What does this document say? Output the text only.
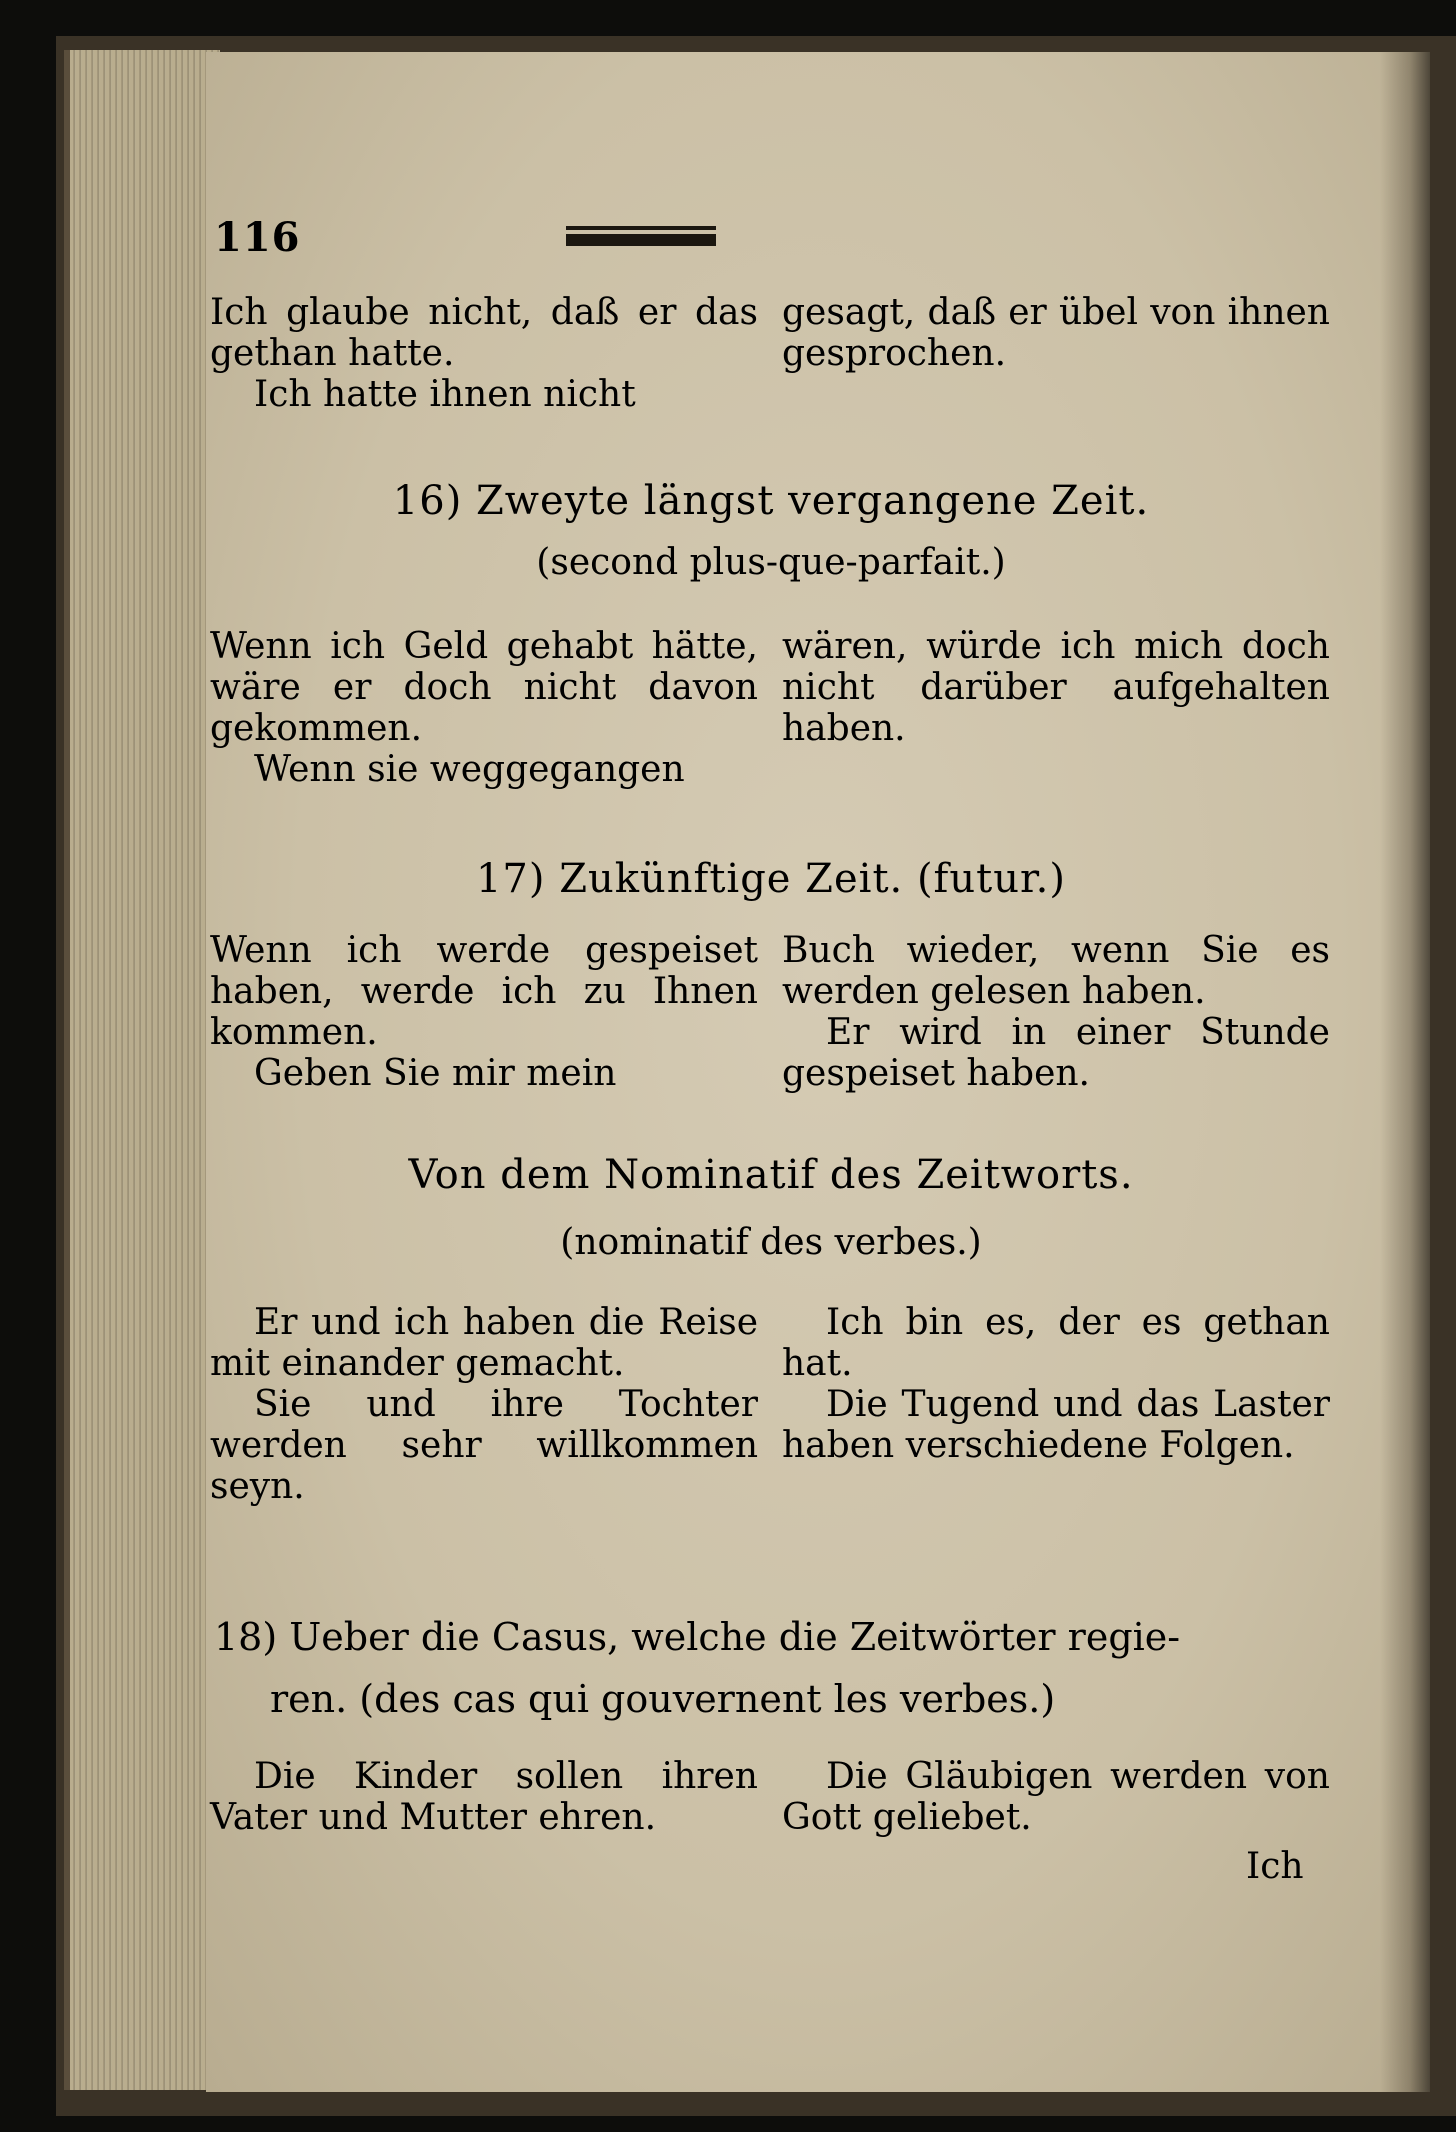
116

Ich glaube nicht, daß er das gethan hatte.

Ich hatte ihnen nicht

gesagt, daß er übel von ihnen gesprochen.

16) Zweyte längst vergangene Zeit.
(second plus-que-parfait.)

Wenn ich Geld gehabt hätte, wäre er doch nicht davon gekommen.

Wenn sie weggegangen

wären, würde ich mich doch nicht darüber aufgehalten haben.

17) Zukünftige Zeit. (futur.)

Wenn ich werde gespeiset haben, werde ich zu Ihnen kommen.

Geben Sie mir mein

Buch wieder, wenn Sie es werden gelesen haben.

Er wird in einer Stunde gespeiset haben.

Von dem Nominatif des Zeitworts.
(nominatif des verbes.)

Er und ich haben die Reise mit einander gemacht.

Sie und ihre Tochter werden sehr willkommen seyn.

Ich bin es, der es gethan hat.

Die Tugend und das Laster haben verschiedene Folgen.

18) Ueber die Casus, welche die Zeitwörter regie-
ren. (des cas qui gouvernent les verbes.)

Die Kinder sollen ihren Vater und Mutter ehren.

Die Gläubigen werden von Gott geliebet.

Ich
